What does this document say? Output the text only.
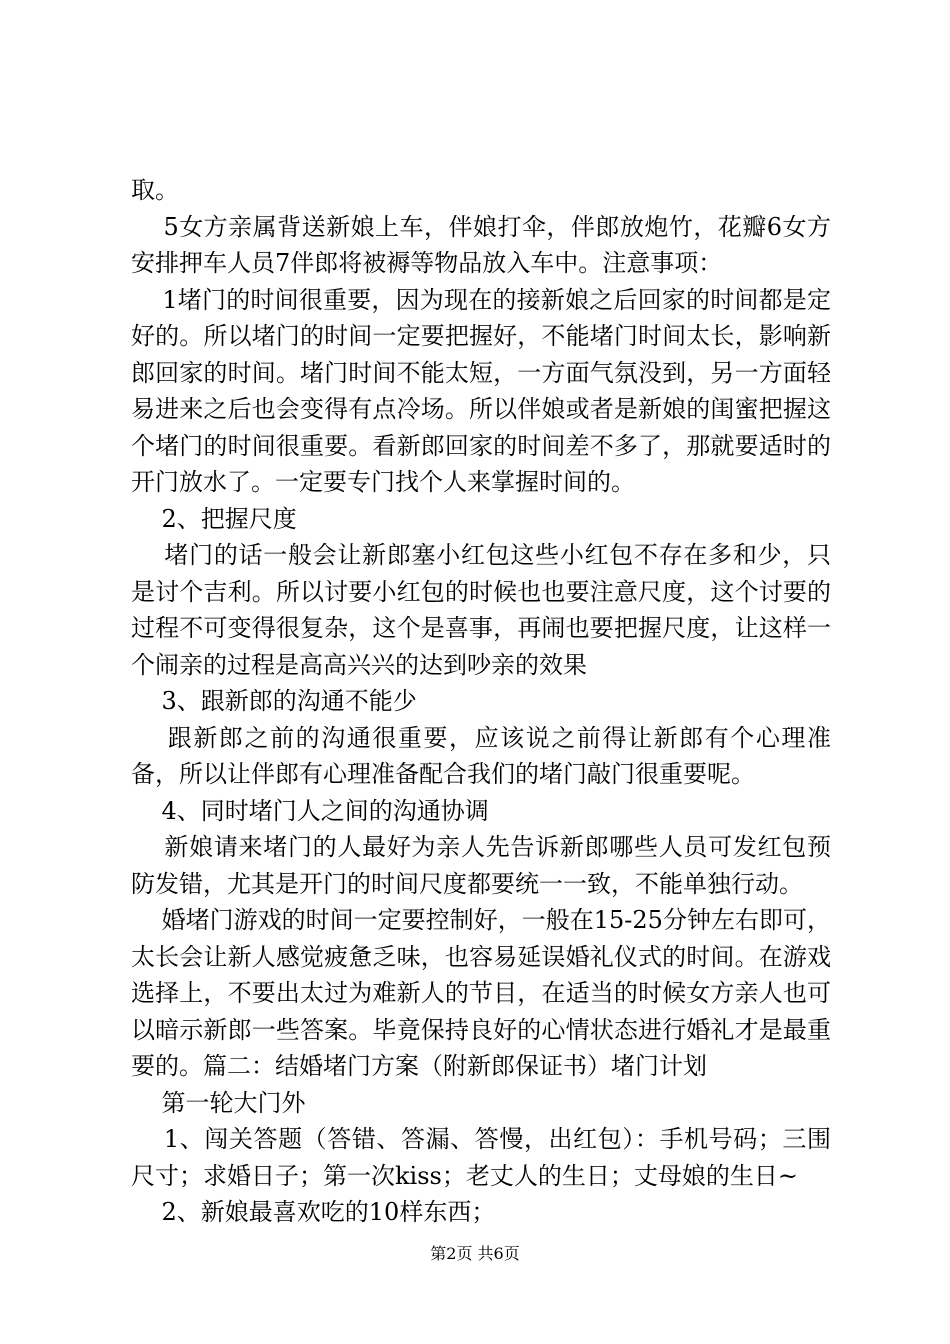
取。

5女方亲属背送新娘上车，伴娘打伞，伴郎放炮竹，花瓣6女方安排押车人员7伴郎将被褥等物品放入车中。注意事项：

1堵门的时间很重要，因为现在的接新娘之后回家的时间都是定好的。所以堵门的时间一定要把握好，不能堵门时间太长，影响新郎回家的时间。堵门时间不能太短，一方面气氛没到，另一方面轻易进来之后也会变得有点冷场。所以伴娘或者是新娘的闺蜜把握这个堵门的时间很重要。看新郎回家的时间差不多了，那就要适时的开门放水了。一定要专门找个人来掌握时间的。

2、把握尺度

堵门的话一般会让新郎塞小红包这些小红包不存在多和少，只是讨个吉利。所以讨要小红包的时候也也要注意尺度，这个讨要的过程不可变得很复杂，这个是喜事，再闹也要把握尺度，让这样一个闹亲的过程是高高兴兴的达到吵亲的效果

3、跟新郎的沟通不能少

跟新郎之前的沟通很重要，应该说之前得让新郎有个心理准备，所以让伴郎有心理准备配合我们的堵门敲门很重要呢。

4、同时堵门人之间的沟通协调

新娘请来堵门的人最好为亲人先告诉新郎哪些人员可发红包预防发错，尤其是开门的时间尺度都要统一一致，不能单独行动。

婚堵门游戏的时间一定要控制好，一般在15-25分钟左右即可，太长会让新人感觉疲惫乏味，也容易延误婚礼仪式的时间。在游戏选择上，不要出太过为难新人的节目，在适当的时候女方亲人也可以暗示新郎一些答案。毕竟保持良好的心情状态进行婚礼才是最重要的。篇二：结婚堵门方案（附新郎保证书）堵门计划

第一轮大门外

1、闯关答题（答错、答漏、答慢，出红包）：手机号码；三围尺寸；求婚日子；第一次kiss；老丈人的生日；丈母娘的生日~

2、新娘最喜欢吃的10样东西；

第2页 共6页
